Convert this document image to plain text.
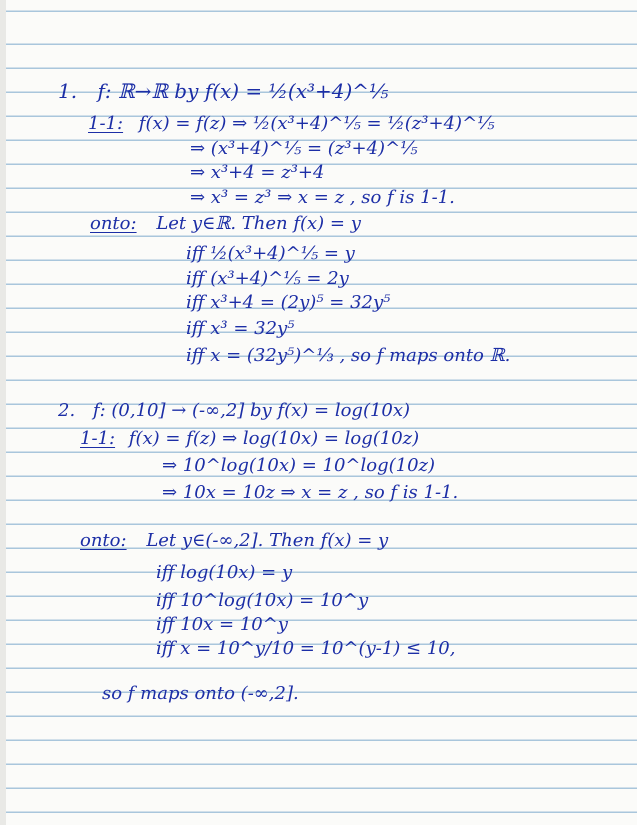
1. f: ℝ→ℝ by f(x) = ½(x³+4)^⅕
1-1: f(x) = f(z) ⇒ ½(x³+4)^⅕ = ½(z³+4)^⅕
⇒ (x³+4)^⅕ = (z³+4)^⅕
⇒ x³+4 = z³+4
⇒ x³ = z³ ⇒ x = z , so f is 1-1.
onto: Let y∈ℝ. Then f(x) = y
iff ½(x³+4)^⅕ = y
iff (x³+4)^⅕ = 2y
iff x³+4 = (2y)⁵ = 32y⁵
iff x³ = 32y⁵
iff x = (32y⁵)^⅓ , so f maps onto ℝ.
2. f: (0,10] → (-∞,2] by f(x) = log(10x)
1-1: f(x) = f(z) ⇒ log(10x) = log(10z)
⇒ 10^log(10x) = 10^log(10z)
⇒ 10x = 10z ⇒ x = z , so f is 1-1.
onto: Let y∈(-∞,2]. Then f(x) = y
iff log(10x) = y
iff 10^log(10x) = 10^y
iff 10x = 10^y
iff x = 10^y/10 = 10^(y-1) ≤ 10,
so f maps onto (-∞,2].
